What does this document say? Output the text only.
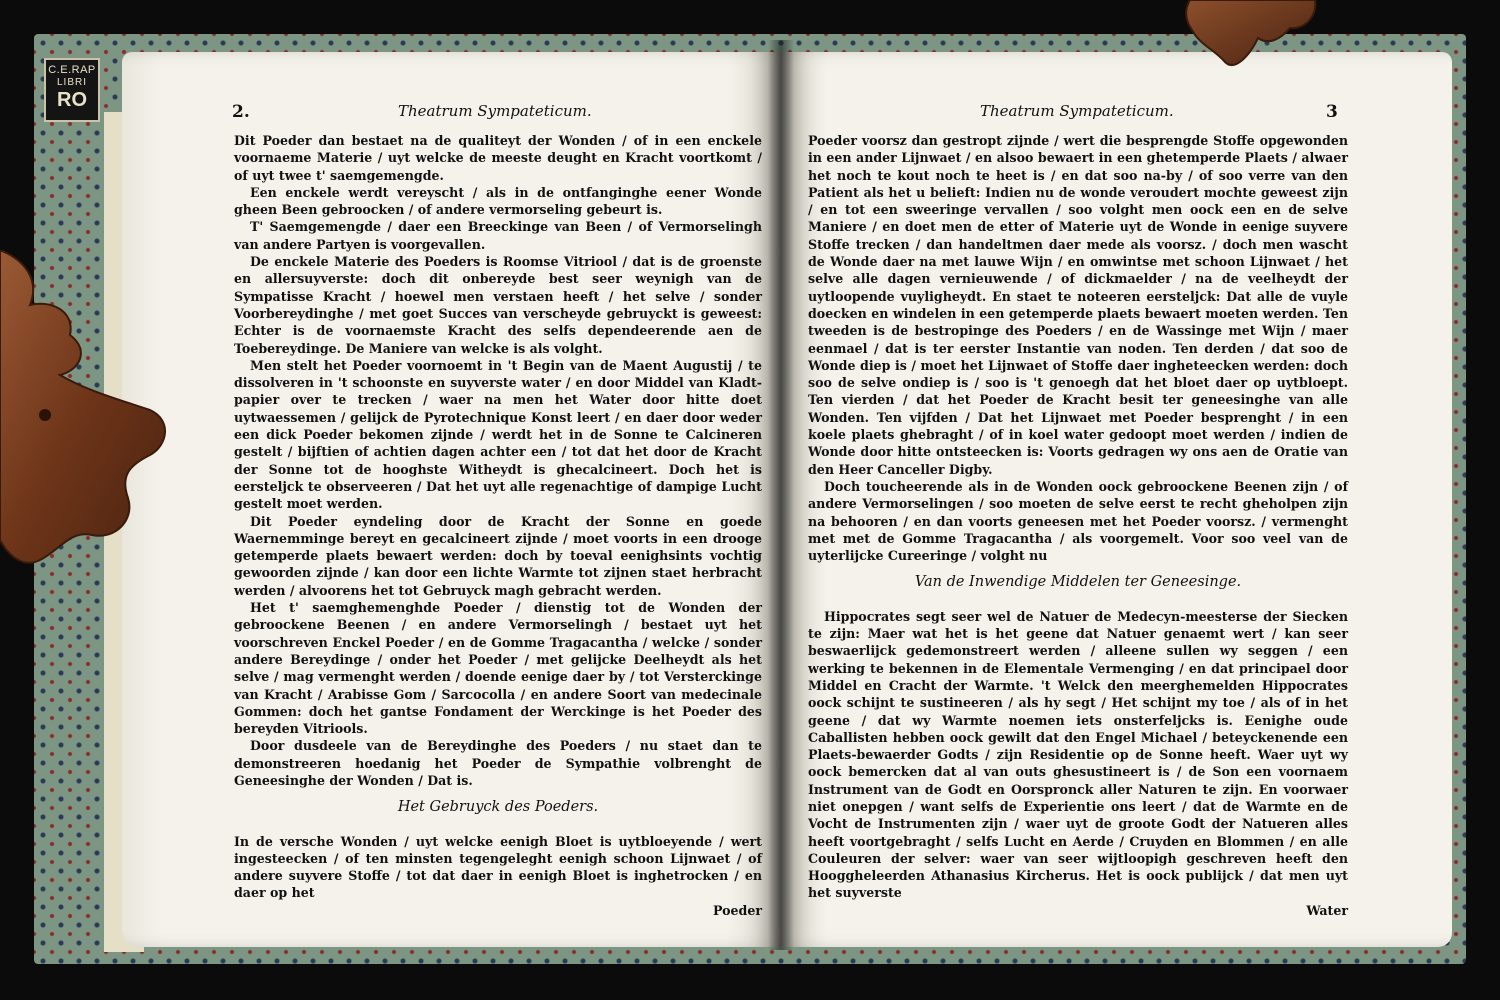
C.E.RAP
LIBRI
RO
2.	Theatrum Sympateticum.

Dit Poeder dan bestaet na de qualiteyt der Wonden / of in een enckele voornaeme Materie / uyt welcke de meeste deught en Kracht voortkomt / of uyt twee t' saemgemengde.

Een enckele werdt vereyscht / als in de ontfanginghe eener Wonde gheen Been gebroocken / of andere vermorseling gebeurt is.

T' Saemgemengde / daer een Breeckinge van Been / of Vermorselingh van andere Partyen is voorgevallen.

De enckele Materie des Poeders is Roomse Vitriool / dat is de groenste en allersuyverste: doch dit onbereyde best seer weynigh van de Sympatisse Kracht / hoewel men verstaen heeft / het selve / sonder Voorbereydinghe / met goet Succes van verscheyde gebruyckt is geweest: Echter is de voornaemste Kracht des selfs dependeerende aen de Toebereydinge. De Maniere van welcke is als volght.

Men stelt het Poeder voornoemt in 't Begin van de Maent Augustij / te dissolveren in 't schoonste en suyverste water / en door Middel van Kladt-papier over te trecken / waer na men het Water door hitte doet uytwaessemen / gelijck de Pyrotechnique Konst leert / en daer door weder een dick Poeder bekomen zijnde / werdt het in de Sonne te Calcineren gestelt / bijftien of achtien dagen achter een / tot dat het door de Kracht der Sonne tot de hooghste Witheydt is ghecalcineert. Doch het is eersteljck te observeeren / Dat het uyt alle regenachtige of dampige Lucht gestelt moet werden.

Dit Poeder eyndeling door de Kracht der Sonne en goede Waernemminge bereyt en gecalcineert zijnde / moet voorts in een drooge getemperde plaets bewaert werden: doch by toeval eenighsints vochtig gewoorden zijnde / kan door een lichte Warmte tot zijnen staet herbracht werden / alvoorens het tot Gebruyck magh gebracht werden.

Het t' saemghemenghde Poeder / dienstig tot de Wonden der gebroockene Beenen / en andere Vermorselingh / bestaet uyt het voorschreven Enckel Poeder / en de Gomme Tragacantha / welcke / sonder andere Bereydinge / onder het Poeder / met gelijcke Deelheydt als het selve / mag vermenght werden / doende eenige daer by / tot Versterckinge van Kracht / Arabisse Gom / Sarcocolla / en andere Soort van medecinale Gommen: doch het gantse Fondament der Werckinge is het Poeder des bereyden Vitriools.

Door dusdeele van de Bereydinghe des Poeders / nu staet dan te demonstreeren hoedanig het Poeder de Sympathie volbrenght de Geneesinghe der Wonden / Dat is.

Het Gebruyck des Poeders.

In de versche Wonden / uyt welcke eenigh Bloet is uytbloeyende / wert ingesteecken / of ten minsten tegengeleght eenigh schoon Lijnwaet / of andere suyvere Stoffe / tot dat daer in eenigh Bloet is inghetrocken / en daer op het

Poeder
Theatrum Sympateticum.	3

Poeder voorsz dan gestropt zijnde / wert die besprengde Stoffe opgewonden in een ander Lijnwaet / en alsoo bewaert in een ghetemperde Plaets / alwaer het noch te kout noch te heet is / en dat soo na-by / of soo verre van den Patient als het u belieft: Indien nu de wonde veroudert mochte geweest zijn / en tot een sweeringe vervallen / soo volght men oock een en de selve Maniere / en doet men de etter of Materie uyt de Wonde in eenige suyvere Stoffe trecken / dan handeltmen daer mede als voorsz. / doch men wascht de Wonde daer na met lauwe Wijn / en omwintse met schoon Lijnwaet / het selve alle dagen vernieuwende / of dickmaelder / na de veelheydt der uytloopende vuyligheydt. En staet te noteeren eersteljck: Dat alle de vuyle doecken en windelen in een getemperde plaets bewaert moeten werden. Ten tweeden is de bestropinge des Poeders / en de Wassinge met Wijn / maer eenmael / dat is ter eerster Instantie van noden. Ten derden / dat soo de Wonde diep is / moet het Lijnwaet of Stoffe daer ingheteecken werden: doch soo de selve ondiep is / soo is 't genoegh dat het bloet daer op uytbloept. Ten vierden / dat het Poeder de Kracht besit ter geneesinghe van alle Wonden. Ten vijfden / Dat het Lijnwaet met Poeder besprenght / in een koele plaets ghebraght / of in koel water gedoopt moet werden / indien de Wonde door hitte ontsteecken is: Voorts gedragen wy ons aen de Oratie van den Heer Canceller Digby.

Doch toucheerende als in de Wonden oock gebroockene Beenen zijn / of andere Vermorselingen / soo moeten de selve eerst te recht gheholpen zijn na behooren / en dan voorts geneesen met het Poeder voorsz. / vermenght met met de Gomme Tragacantha / als voorgemelt. Voor soo veel van de uyterlijcke Cureeringe / volght nu

Van de Inwendige Middelen ter Geneesinge.

Hippocrates segt seer wel de Natuer de Medecyn-meesterse der Siecken te zijn: Maer wat het is het geene dat Natuer genaemt wert / kan seer beswaerlijck gedemonstreert werden / alleene sullen wy seggen / een werking te bekennen in de Elementale Vermenging / en dat principael door Middel en Cracht der Warmte. 't Welck den meerghemelden Hippocrates oock schijnt te sustineeren / als hy segt / Het schijnt my toe / als of in het geene / dat wy Warmte noemen iets onsterfeljcks is. Eenighe oude Caballisten hebben oock gewilt dat den Engel Michael / beteyckenende een Plaets-bewaerder Godts / zijn Residentie op de Sonne heeft. Waer uyt wy oock bemercken dat al van outs ghesustineert is / de Son een voornaem Instrument van de Godt en Oorspronck aller Naturen te zijn. En voorwaer niet onepgen / want selfs de Experientie ons leert / dat de Warmte en de Vocht de Instrumenten zijn / waer uyt de groote Godt der Natueren alles heeft voortgebraght / selfs Lucht en Aerde / Cruyden en Blommen / en alle Couleuren der selver: waer van seer wijtloopigh geschreven heeft den Hooggheleerden Athanasius Kircherus. Het is oock publijck / dat men uyt het suyverste

Water
